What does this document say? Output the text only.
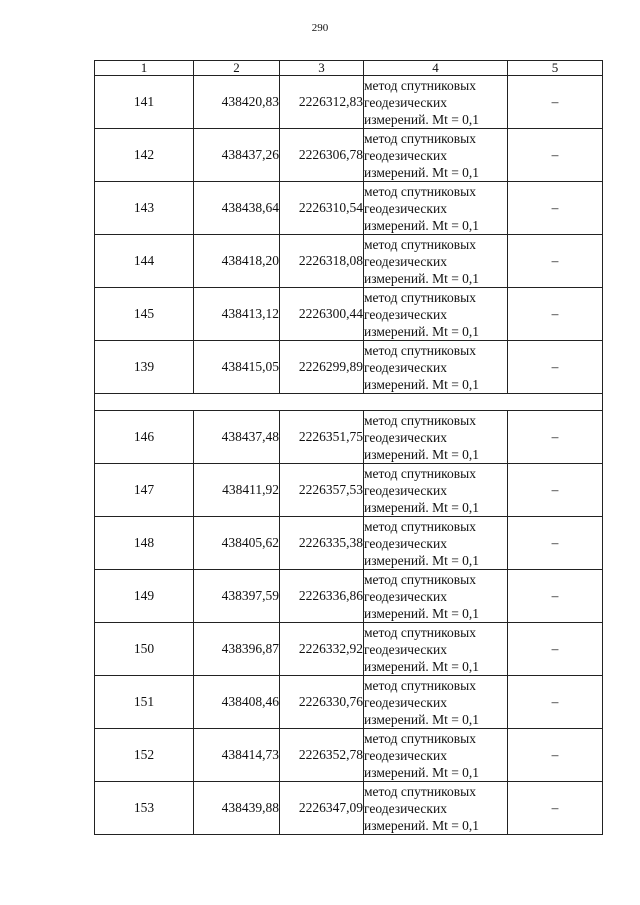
290
1	2	3	4	5
141	438420,83	2226312,83	метод спутниковых
геодезических
измерений. Mt = 0,1	–
142	438437,26	2226306,78	метод спутниковых
геодезических
измерений. Mt = 0,1	–
143	438438,64	2226310,54	метод спутниковых
геодезических
измерений. Mt = 0,1	–
144	438418,20	2226318,08	метод спутниковых
геодезических
измерений. Mt = 0,1	–
145	438413,12	2226300,44	метод спутниковых
геодезических
измерений. Mt = 0,1	–
139	438415,05	2226299,89	метод спутниковых
геодезических
измерений. Mt = 0,1	–

146	438437,48	2226351,75	метод спутниковых
геодезических
измерений. Mt = 0,1	–
147	438411,92	2226357,53	метод спутниковых
геодезических
измерений. Mt = 0,1	–
148	438405,62	2226335,38	метод спутниковых
геодезических
измерений. Mt = 0,1	–
149	438397,59	2226336,86	метод спутниковых
геодезических
измерений. Mt = 0,1	–
150	438396,87	2226332,92	метод спутниковых
геодезических
измерений. Mt = 0,1	–
151	438408,46	2226330,76	метод спутниковых
геодезических
измерений. Mt = 0,1	–
152	438414,73	2226352,78	метод спутниковых
геодезических
измерений. Mt = 0,1	–
153	438439,88	2226347,09	метод спутниковых
геодезических
измерений. Mt = 0,1	–
